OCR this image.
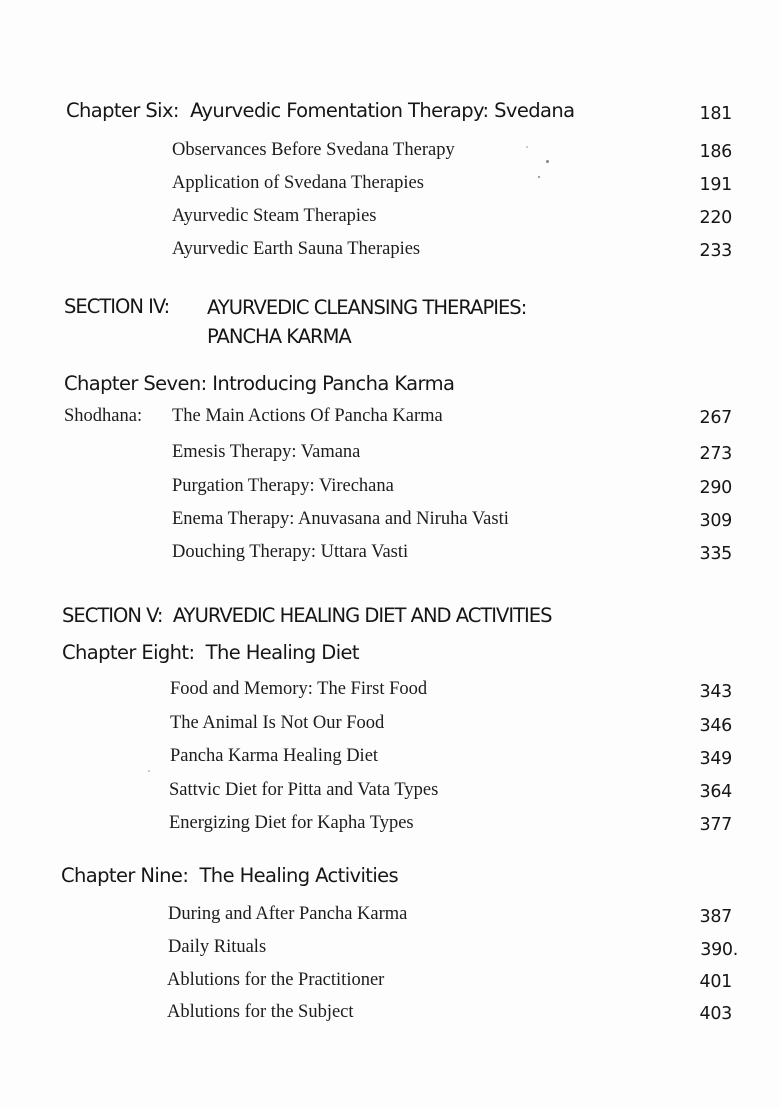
Chapter Six: Ayurvedic Fomentation Therapy: Svedana	181
Observances Before Svedana Therapy	186
Application of Svedana Therapies	191
Ayurvedic Steam Therapies	220
Ayurvedic Earth Sauna Therapies	233
SECTION IV: AYURVEDIC CLEANSING THERAPIES:
PANCHA KARMA
Chapter Seven: Introducing Pancha Karma
Shodhana: The Main Actions Of Pancha Karma	267
Emesis Therapy: Vamana	273
Purgation Therapy: Virechana	290
Enema Therapy: Anuvasana and Niruha Vasti	309
Douching Therapy: Uttara Vasti	335
SECTION V: AYURVEDIC HEALING DIET AND ACTIVITIES
Chapter Eight: The Healing Diet
Food and Memory: The First Food	343
The Animal Is Not Our Food	346
Pancha Karma Healing Diet	349
Sattvic Diet for Pitta and Vata Types	364
Energizing Diet for Kapha Types	377
Chapter Nine: The Healing Activities
During and After Pancha Karma	387
Daily Rituals	390.
Ablutions for the Practitioner	401
Ablutions for the Subject	403
